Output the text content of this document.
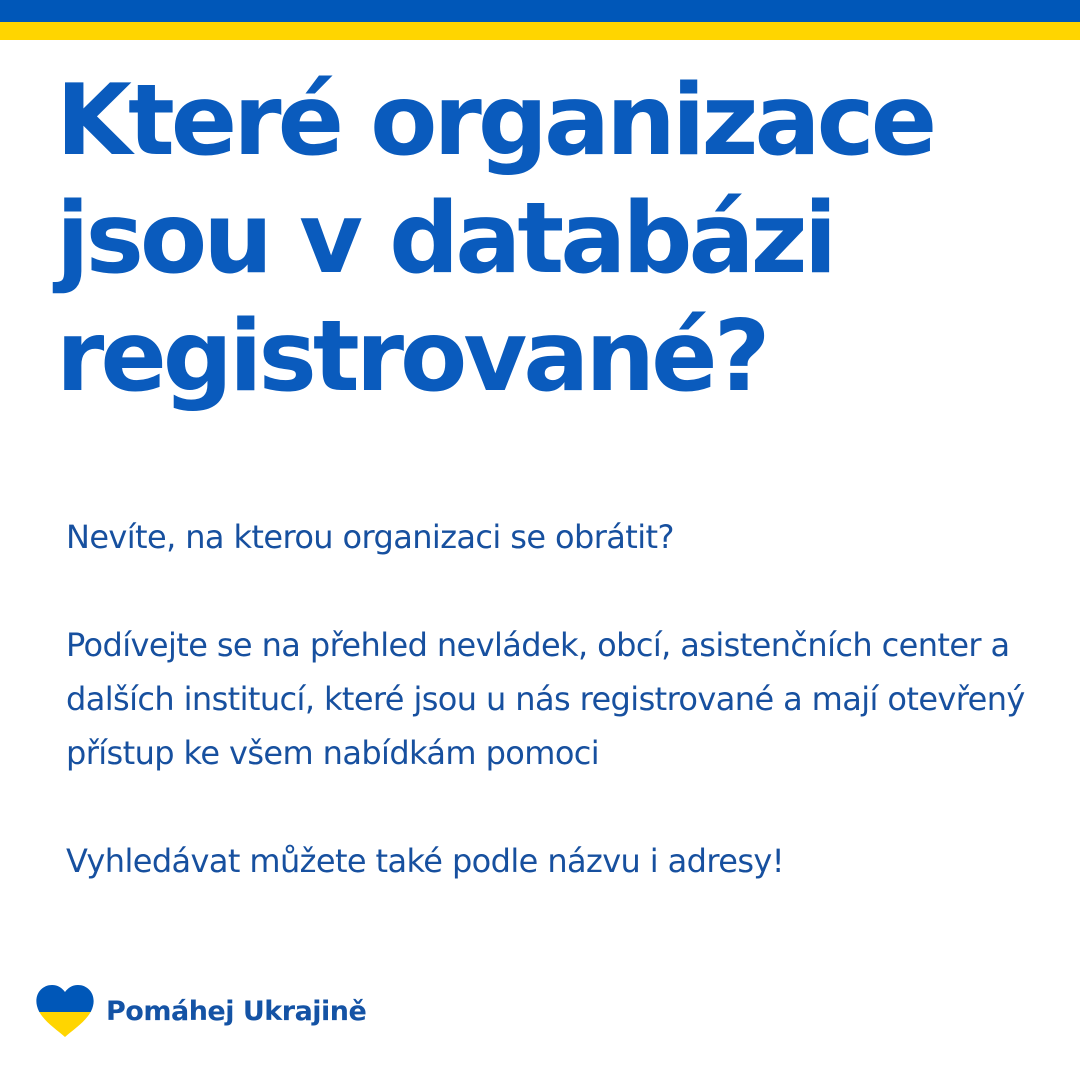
Které organizace
jsou v databázi
registrované?

Nevíte, na kterou organizaci se obrátit?

Podívejte se na přehled nevládek, obcí, asistenčních center a dalších institucí, které jsou u nás registrované a mají otevřený přístup ke všem nabídkám pomoci

Vyhledávat můžete také podle názvu i adresy!

Pomáhej Ukrajině
